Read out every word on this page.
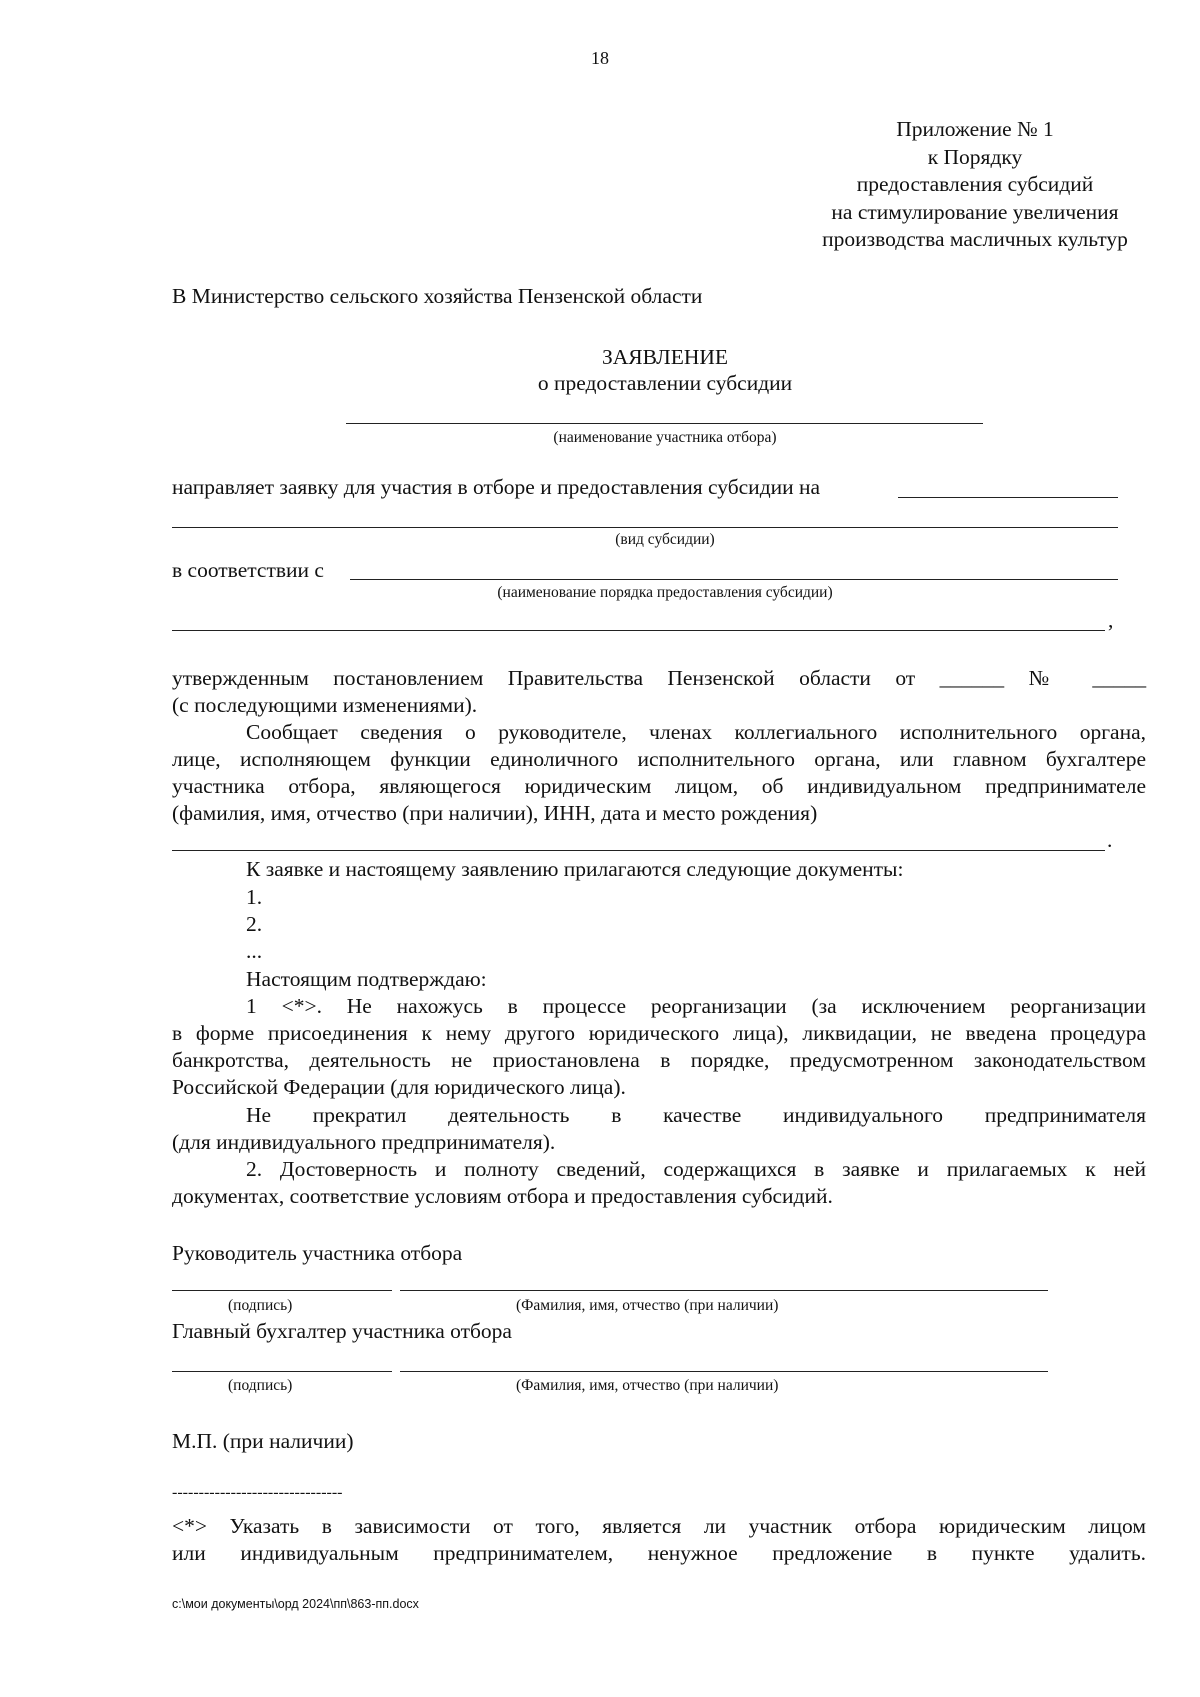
18
Приложение № 1
к Порядку
предоставления субсидий
на стимулирование увеличения
производства масличных культур
В Министерство сельского хозяйства Пензенской области
ЗАЯВЛЕНИЕ
о предоставлении субсидии
(наименование участника отбора)
направляет заявку для участия в отборе и предоставления субсидии на
(вид субсидии)
в соответствии с
(наименование порядка предоставления субсидии)
,
утвержденным постановлением Правительства Пензенской области от ______ № _____
(с последующими изменениями).
Сообщает сведения о руководителе, членах коллегиального исполнительного органа,
лице, исполняющем функции единоличного исполнительного органа, или главном бухгалтере
участника отбора, являющегося юридическим лицом, об индивидуальном предпринимателе
(фамилия, имя, отчество (при наличии), ИНН, дата и место рождения)
.
К заявке и настоящему заявлению прилагаются следующие документы:
1.
2.
...
Настоящим подтверждаю:
1 <*>. Не нахожусь в процессе реорганизации (за исключением реорганизации
в форме присоединения к нему другого юридического лица), ликвидации, не введена процедура
банкротства, деятельность не приостановлена в порядке, предусмотренном законодательством
Российской Федерации (для юридического лица).
Не прекратил деятельность в качестве индивидуального предпринимателя
(для индивидуального предпринимателя).
2. Достоверность и полноту сведений, содержащихся в заявке и прилагаемых к ней
документах, соответствие условиям отбора и предоставления субсидий.
Руководитель участника отбора
(подпись)	(Фамилия, имя, отчество (при наличии)
Главный бухгалтер участника отбора
(подпись)	(Фамилия, имя, отчество (при наличии)
М.П. (при наличии)
--------------------------------
<*> Указать в зависимости от того, является ли участник отбора юридическим лицом
или индивидуальным предпринимателем, ненужное предложение в пункте удалить.
c:\мои документы\орд 2024\пп\863-пп.docx
